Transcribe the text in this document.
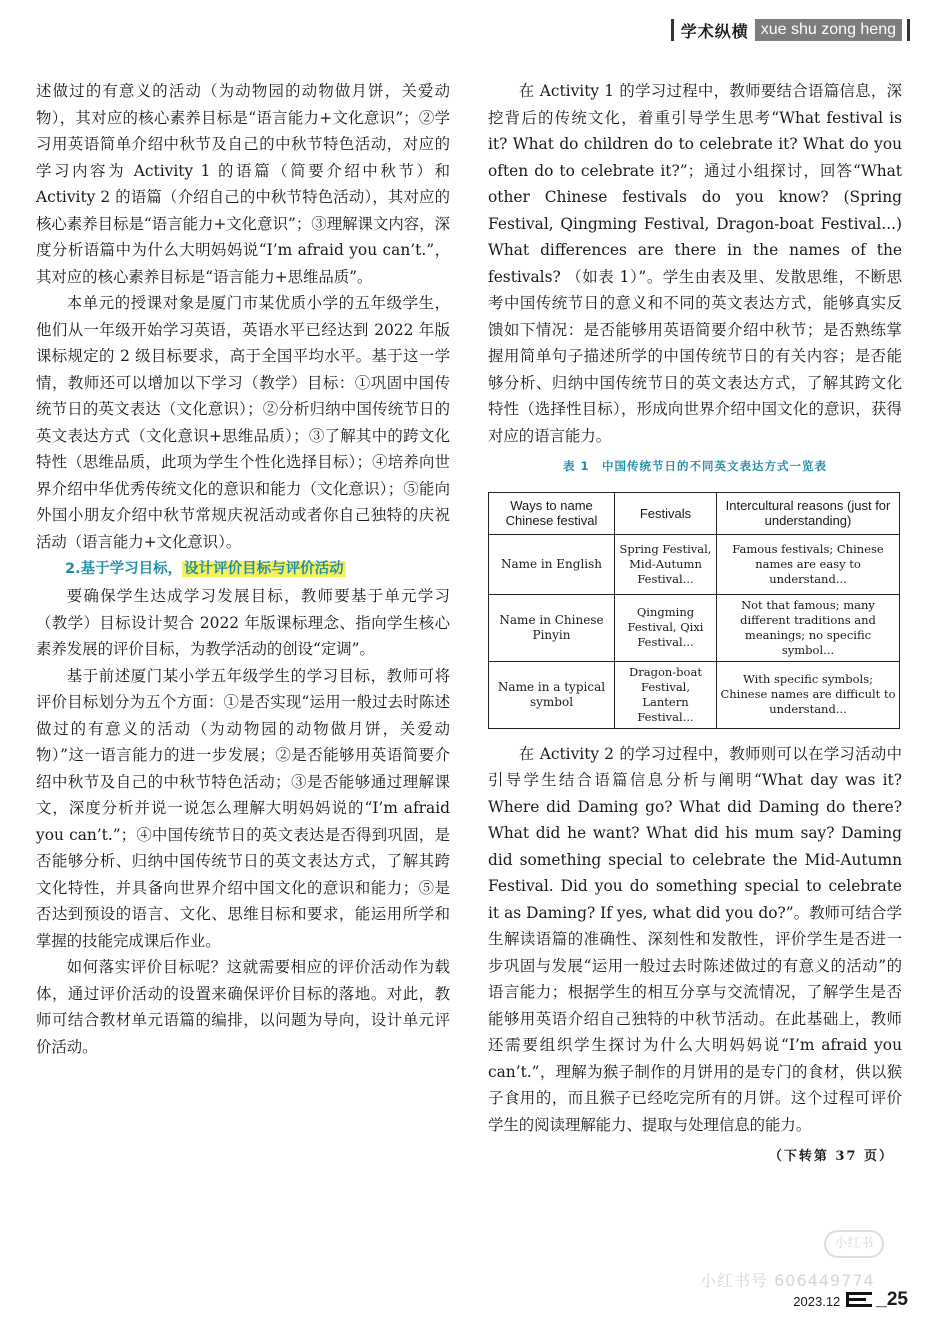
学术纵横 xue shu zong heng

述做过的有意义的活动（为动物园的动物做月饼，关爱动物），其对应的核心素养目标是“语言能力+文化意识”；②学习用英语简单介绍中秋节及自己的中秋节特色活动，对应的学习内容为 Activity 1 的语篇（简要介绍中秋节）和 Activity 2 的语篇（介绍自己的中秋节特色活动），其对应的核心素养目标是“语言能力+文化意识”；③理解课文内容，深度分析语篇中为什么大明妈妈说“I’m afraid you can’t.”，其对应的核心素养目标是“语言能力+思维品质”。

本单元的授课对象是厦门市某优质小学的五年级学生，他们从一年级开始学习英语，英语水平已经达到 2022 年版课标规定的 2 级目标要求，高于全国平均水平。基于这一学情，教师还可以增加以下学习（教学）目标：①巩固中国传统节日的英文表达（文化意识）；②分析归纳中国传统节日的英文表达方式（文化意识+思维品质）；③了解其中的跨文化特性（思维品质，此项为学生个性化选择目标）；④培养向世界介绍中华优秀传统文化的意识和能力（文化意识）；⑤能向外国小朋友介绍中秋节常规庆祝活动或者你自己独特的庆祝活动（语言能力+文化意识）。

2.基于学习目标， 设计评价目标与评价活动

要确保学生达成学习发展目标，教师要基于单元学习（教学）目标设计契合 2022 年版课标理念、指向学生核心素养发展的评价目标，为教学活动的创设“定调”。

基于前述厦门某小学五年级学生的学习目标，教师可将评价目标划分为五个方面：①是否实现“运用一般过去时陈述做过的有意义的活动（为动物园的动物做月饼，关爱动物）”这一语言能力的进一步发展；②是否能够用英语简要介绍中秋节及自己的中秋节特色活动；③是否能够通过理解课文，深度分析并说一说怎么理解大明妈妈说的“I’m afraid you can’t.”；④中国传统节日的英文表达是否得到巩固，是否能够分析、归纳中国传统节日的英文表达方式，了解其跨文化特性，并具备向世界介绍中国文化的意识和能力；⑤是否达到预设的语言、文化、思维目标和要求，能运用所学和掌握的技能完成课后作业。

如何落实评价目标呢？这就需要相应的评价活动作为载体，通过评价活动的设置来确保评价目标的落地。对此，教师可结合教材单元语篇的编排，以问题为导向，设计单元评价活动。

在 Activity 1 的学习过程中，教师要结合语篇信息，深挖背后的传统文化，着重引导学生思考“What festival is it? What do children do to celebrate it? What do you often do to celebrate it?”；通过小组探讨，回答“What other Chinese festivals do you know? (Spring Festival, Qingming Festival, Dragon-boat Festival...) What differences are there in the names of the festivals? （如表 1）”。学生由表及里、发散思维，不断思考中国传统节日的意义和不同的英文表达方式，能够真实反馈如下情况：是否能够用英语简要介绍中秋节；是否熟练掌握用简单句子描述所学的中国传统节日的有关内容；是否能够分析、归纳中国传统节日的英文表达方式，了解其跨文化特性（选择性目标），形成向世界介绍中国文化的意识，获得对应的语言能力。

表 1　中国传统节日的不同英文表达方式一览表
Ways to name Chinese festival	Festivals	Intercultural reasons (just for understanding)
Name in English	Spring Festival, Mid-Autumn Festival...	Famous festivals; Chinese names are easy to understand...
Name in Chinese Pinyin	Qingming Festival, Qixi Festival...	Not that famous; many different traditions and meanings; no specific symbol...
Name in a typical symbol	Dragon-boat Festival, Lantern Festival...	With specific symbols; Chinese names are difficult to understand...

在 Activity 2 的学习过程中，教师则可以在学习活动中引导学生结合语篇信息分析与阐明“What day was it? Where did Daming go? What did Daming do there? What did he want? What did his mum say? Daming did something special to celebrate the Mid-Autumn Festival. Did you do something special to celebrate it as Daming? If yes, what did you do?”。教师可结合学生解读语篇的准确性、深刻性和发散性，评价学生是否进一步巩固与发展“运用一般过去时陈述做过的有意义的活动”的语言能力；根据学生的相互分享与交流情况，了解学生是否能够用英语介绍自己独特的中秋节活动。在此基础上，教师还需要组织学生探讨为什么大明妈妈说“I’m afraid you can’t.”，理解为猴子制作的月饼用的是专门的食材，供以猴子食用的，而且猴子已经吃完所有的月饼。这个过程可评价学生的阅读理解能力、提取与处理信息的能力。

（下转第 37 页）
小红书
小红书号 606449774
2023.12 _25
